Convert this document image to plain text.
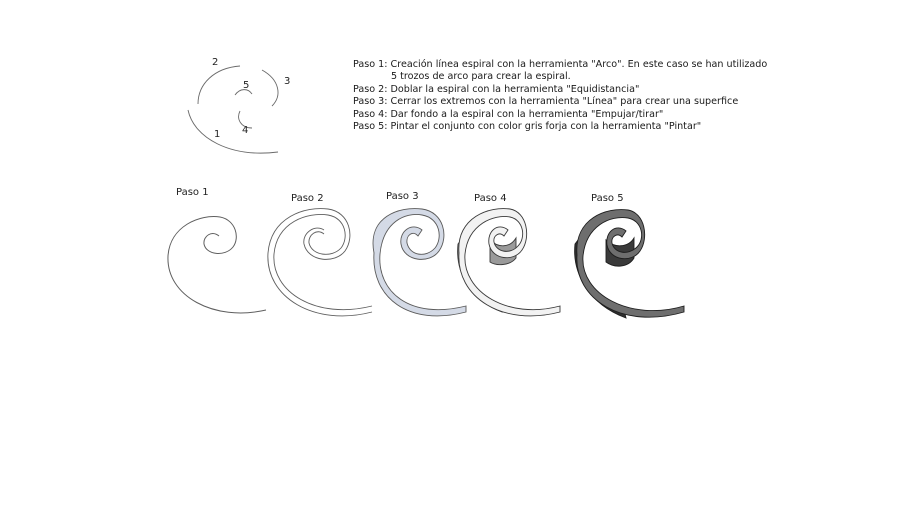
1
2
3
4
5
Paso 1
Paso 2	Paso 3	Paso 4	Paso 5
Paso 1: Creación línea espiral con la herramienta "Arco". En este caso se han utilizado
5 trozos de arco para crear la espiral.
Paso 2: Doblar la espiral con la herramienta "Equidistancia"
Paso 3: Cerrar los extremos con la herramienta "Línea" para crear una superfice
Paso 4: Dar fondo a la espiral con la herramienta "Empujar/tirar"
Paso 5: Pintar el conjunto con color gris forja con la herramienta "Pintar"
